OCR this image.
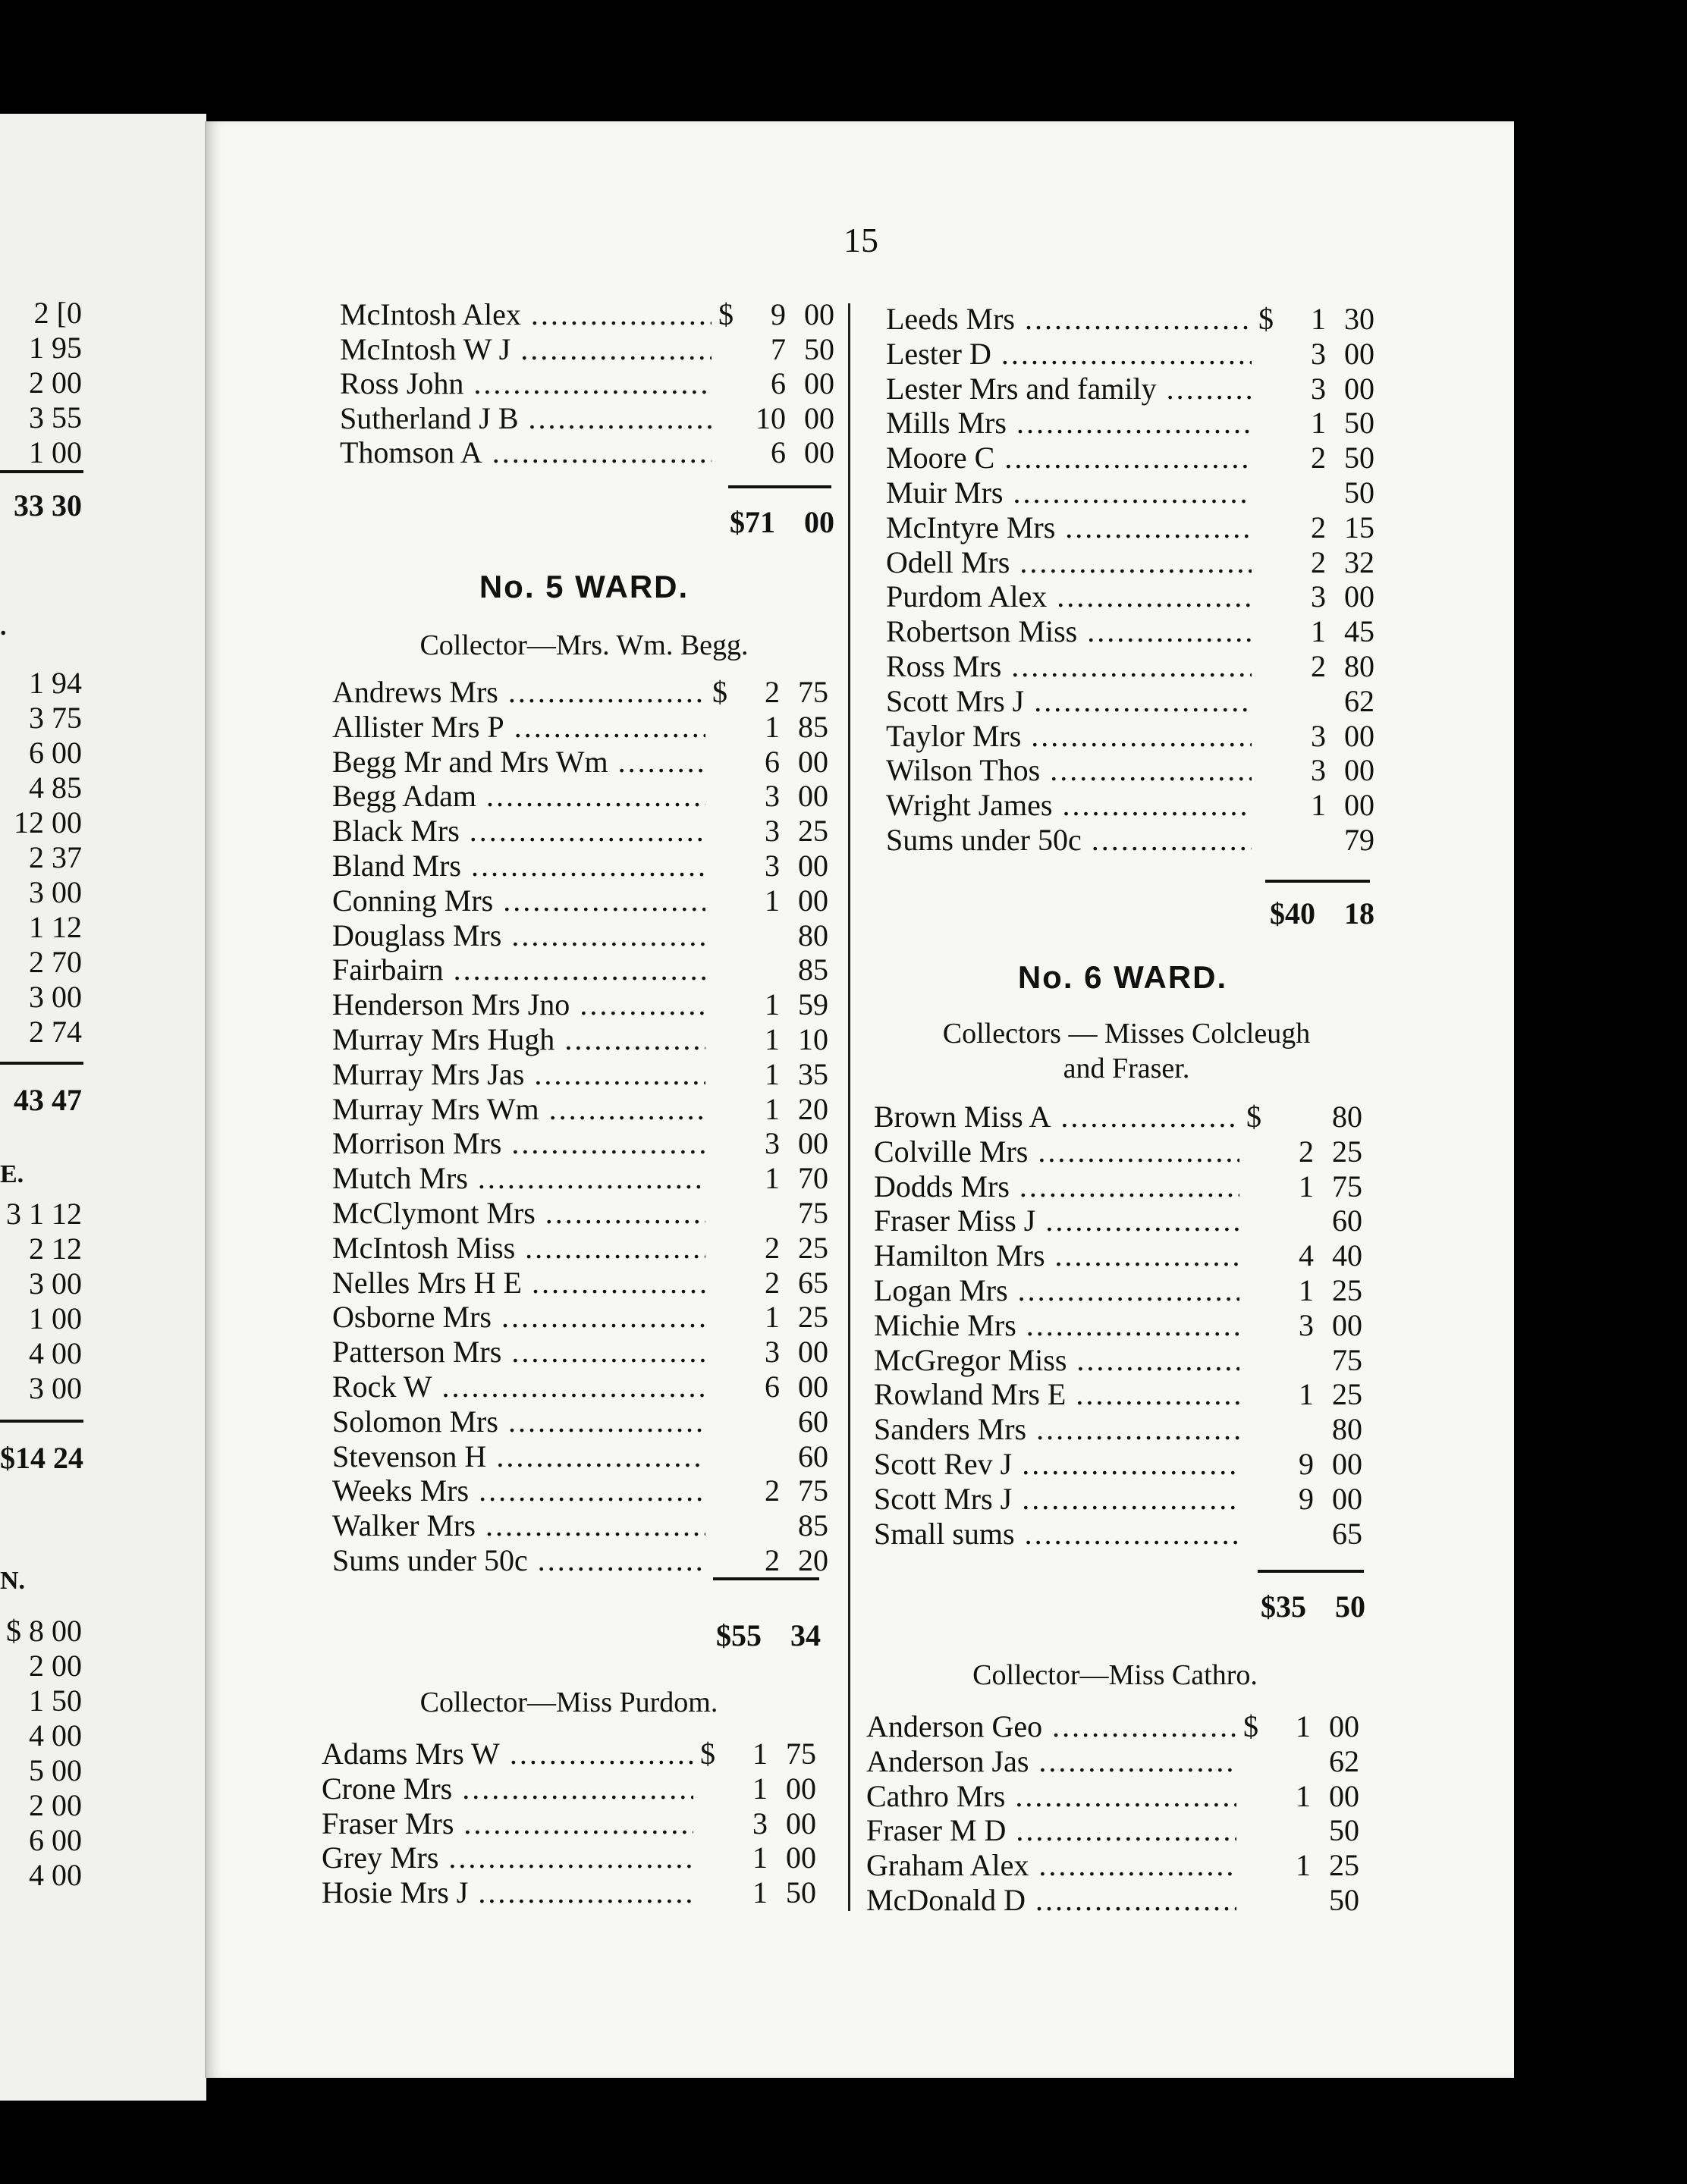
15
2 [0
1 95
2 00
3 55
1 00
33 30
1 94
3 75
6 00
4 85
12 00
2 37
3 00
1 12
2 70
3 00
2 74
43 47
3 1 12
2 12
3 00
1 00
4 00
3 00
$14 24
$ 8 00
2 00
1 50
4 00
5 00
2 00
6 00
4 00
.
E.
N.
McIntosh Alex .....	$	9 00
McIntosh W J .....	7 50
Ross John .....	6 00
Sutherland J B .....	10 00
Thomson A .....	6 00
$71 00
No. 5 WARD.
Collector—Mrs. Wm. Begg.
Andrews Mrs .....	$	2 75
Allister Mrs P .....	1 85
Begg Mr and Mrs Wm .....	6 00
Begg Adam .....	3 00
Black Mrs .....	3 25
Bland Mrs .....	3 00
Conning Mrs .....	1 00
Douglass Mrs .....	80
Fairbairn .....	85
Henderson Mrs Jno .....	1 59
Murray Mrs Hugh .....	1 10
Murray Mrs Jas .....	1 35
Murray Mrs Wm .....	1 20
Morrison Mrs .....	3 00
Mutch Mrs .....	1 70
McClymont Mrs .....	75
McIntosh Miss .....	2 25
Nelles Mrs H E .....	2 65
Osborne Mrs .....	1 25
Patterson Mrs .....	3 00
Rock W .....	6 00
Solomon Mrs .....	60
Stevenson H .....	60
Weeks Mrs .....	2 75
Walker Mrs .....	85
Sums under 50c .....	2 20
$55 34
Collector—Miss Purdom.
Adams Mrs W .....	$	1 75
Crone Mrs .....	1 00
Fraser Mrs .....	3 00
Grey Mrs .....	1 00
Hosie Mrs J .....	1 50
Leeds Mrs .....	$	1 30
Lester D .....	3 00
Lester Mrs and family .....	3 00
Mills Mrs .....	1 50
Moore C .....	2 50
Muir Mrs .....	50
McIntyre Mrs .....	2 15
Odell Mrs .....	2 32
Purdom Alex .....	3 00
Robertson Miss .....	1 45
Ross Mrs .....	2 80
Scott Mrs J .....	62
Taylor Mrs .....	3 00
Wilson Thos .....	3 00
Wright James .....	1 00
Sums under 50c .....	79
$40 18
No. 6 WARD.
Collectors — Misses Colcleugh
and Fraser.
Brown Miss A .....	$	80
Colville Mrs .....	2 25
Dodds Mrs .....	1 75
Fraser Miss J .....	60
Hamilton Mrs .....	4 40
Logan Mrs .....	1 25
Michie Mrs .....	3 00
McGregor Miss .....	75
Rowland Mrs E .....	1 25
Sanders Mrs .....	80
Scott Rev J .....	9 00
Scott Mrs J .....	9 00
Small sums .....	65
$35 50
Collector—Miss Cathro.
Anderson Geo .....	$	1 00
Anderson Jas .....	62
Cathro Mrs .....	1 00
Fraser M D .....	50
Graham Alex .....	1 25
McDonald D .....	50
